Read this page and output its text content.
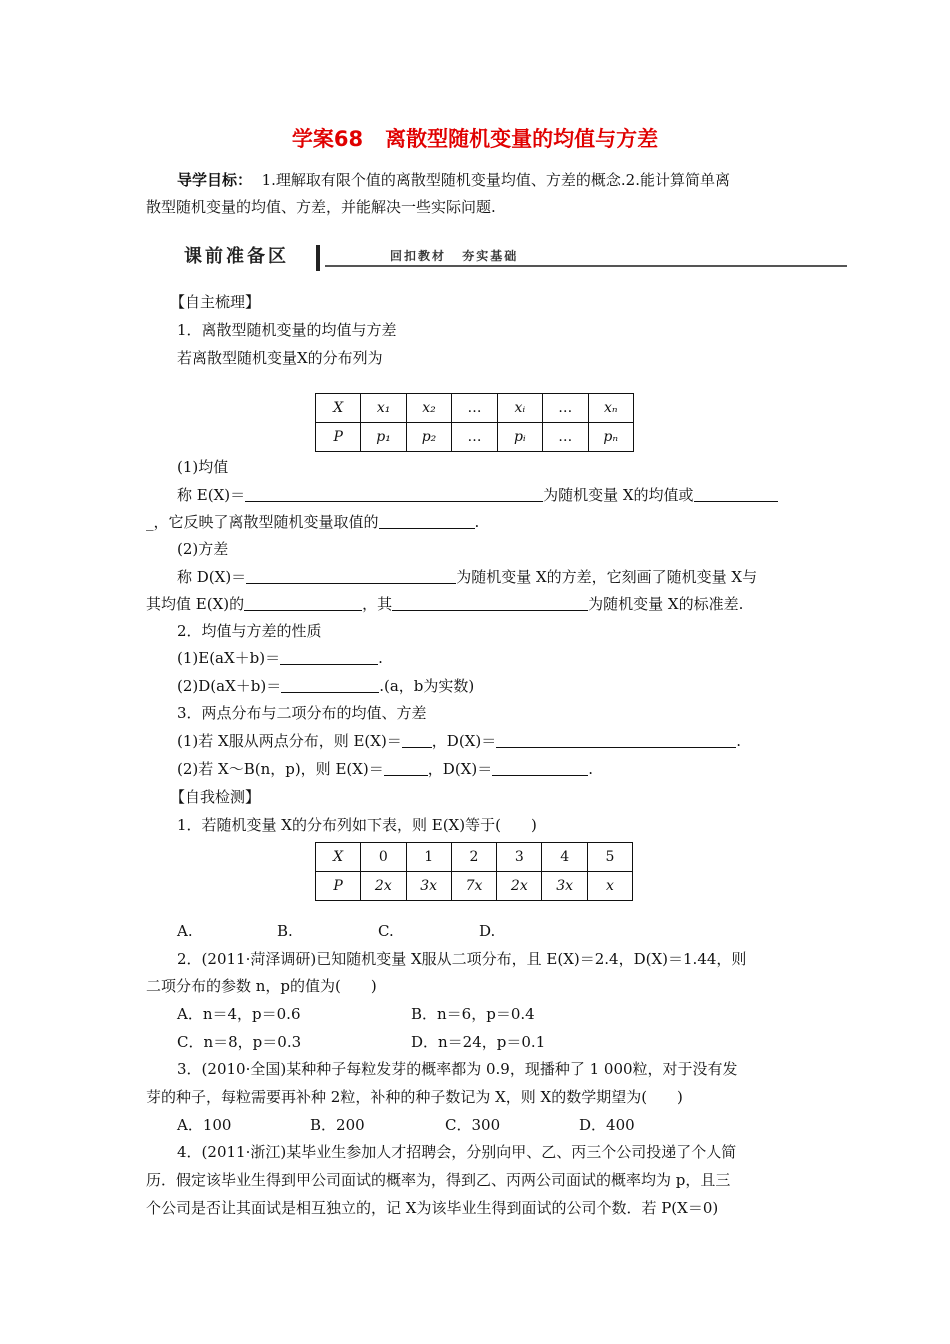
学案68 离散型随机变量的均值与方差
导学目标： 1.理解取有限个值的离散型随机变量均值、方差的概念.2.能计算简单离
散型随机变量的均值、方差，并能解决一些实际问题.
课前准备区	回扣教材 夯实基础
【自主梳理】
1．离散型随机变量的均值与方差
若离散型随机变量X的分布列为
X	x₁	x₂	…	xᵢ	…	xₙ
P	p₁	p₂	…	pᵢ	…	pₙ
(1)均值
称 E(X)＝	为随机变量 X的均值或
_，它反映了离散型随机变量取值的	.
(2)方差
称 D(X)＝	为随机变量 X的方差，它刻画了随机变量 X与
其均值 E(X)的	，其	为随机变量 X的标准差.
2．均值与方差的性质
(1)E(aX＋b)＝	.
(2)D(aX＋b)＝	.(a，b为实数)
3．两点分布与二项分布的均值、方差
(1)若 X服从两点分布，则 E(X)＝ ，D(X)＝	.
(2)若 X～B(n，p)，则 E(X)＝	，D(X)＝	.
【自我检测】
1．若随机变量 X的分布列如下表，则 E(X)等于(　　)
X	0	1	2	3	4	5
P	2x	3x	7x	2x	3x	x
A.	B.	C.	D.
2．(2011·菏泽调研)已知随机变量 X服从二项分布，且 E(X)＝2.4，D(X)＝1.44，则
二项分布的参数 n，p的值为(　　)
A．n＝4，p＝0.6	B．n＝6，p＝0.4
C．n＝8，p＝0.3	D．n＝24，p＝0.1
3．(2010·全国)某种种子每粒发芽的概率都为 0.9，现播种了 1 000粒，对于没有发
芽的种子，每粒需要再补种 2粒，补种的种子数记为 X，则 X的数学期望为(　　)
A．100	B．200	C．300	D．400
4．(2011·浙江)某毕业生参加人才招聘会，分别向甲、乙、丙三个公司投递了个人简
历．假定该毕业生得到甲公司面试的概率为，得到乙、丙两公司面试的概率均为 p，且三
个公司是否让其面试是相互独立的，记 X为该毕业生得到面试的公司个数．若 P(X＝0)
